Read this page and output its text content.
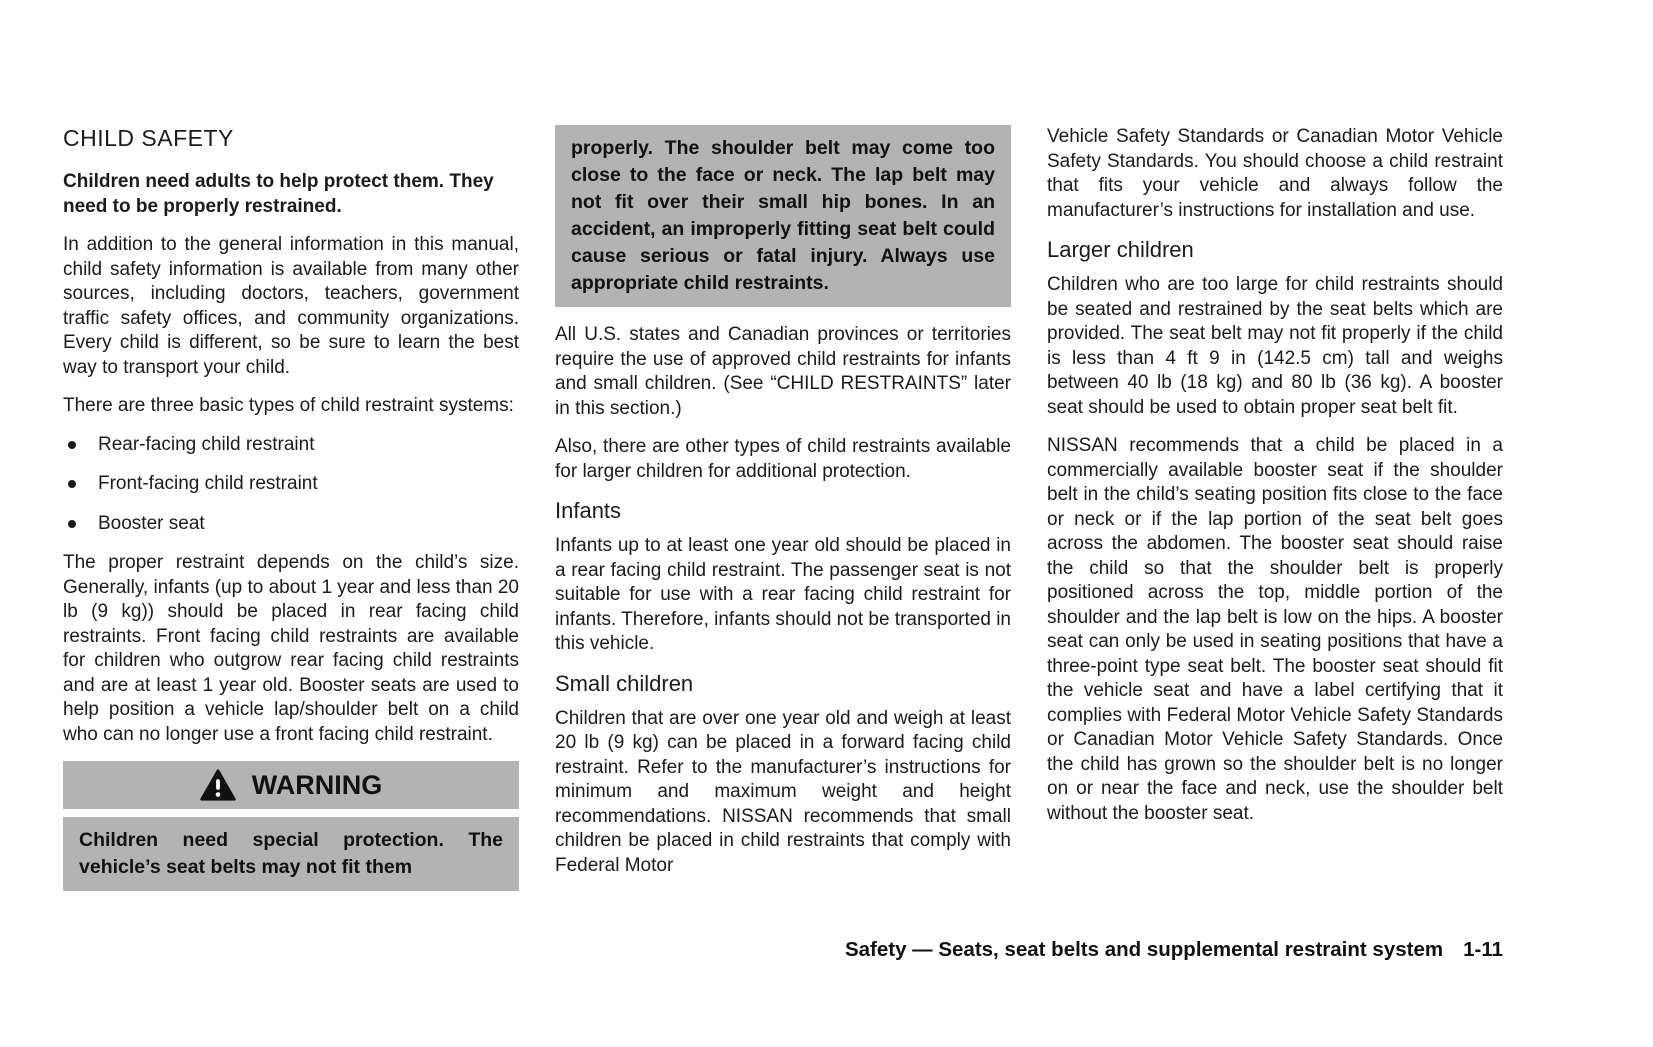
CHILD SAFETY

Children need adults to help protect them. They need to be properly restrained.

In addition to the general information in this manual, child safety information is available from many other sources, including doctors, teachers, government traffic safety offices, and community organizations. Every child is different, so be sure to learn the best way to transport your child.

There are three basic types of child restraint systems:

Rear-facing child restraint
Front-facing child restraint
Booster seat

The proper restraint depends on the child’s size. Generally, infants (up to about 1 year and less than 20 lb (9 kg)) should be placed in rear facing child restraints. Front facing child restraints are available for children who outgrow rear facing child restraints and are at least 1 year old. Booster seats are used to help position a vehicle lap/shoulder belt on a child who can no longer use a front facing child restraint.

WARNING
Children need special protection. The vehicle’s seat belts may not fit them
properly. The shoulder belt may come too close to the face or neck. The lap belt may not fit over their small hip bones. In an accident, an improperly fitting seat belt could cause serious or fatal injury. Always use appropriate child restraints.

All U.S. states and Canadian provinces or territories require the use of approved child restraints for infants and small children. (See “CHILD RESTRAINTS” later in this section.)

Also, there are other types of child restraints available for larger children for additional protection.

Infants

Infants up to at least one year old should be placed in a rear facing child restraint. The passenger seat is not suitable for use with a rear facing child restraint for infants. Therefore, infants should not be transported in this vehicle.

Small children

Children that are over one year old and weigh at least 20 lb (9 kg) can be placed in a forward facing child restraint. Refer to the manufacturer’s instructions for minimum and maximum weight and height recommendations. NISSAN recommends that small children be placed in child restraints that comply with Federal Motor

Vehicle Safety Standards or Canadian Motor Vehicle Safety Standards. You should choose a child restraint that fits your vehicle and always follow the manufacturer’s instructions for installation and use.

Larger children

Children who are too large for child restraints should be seated and restrained by the seat belts which are provided. The seat belt may not fit properly if the child is less than 4 ft 9 in (142.5 cm) tall and weighs between 40 lb (18 kg) and 80 lb (36 kg). A booster seat should be used to obtain proper seat belt fit.

NISSAN recommends that a child be placed in a commercially available booster seat if the shoulder belt in the child’s seating position fits close to the face or neck or if the lap portion of the seat belt goes across the abdomen. The booster seat should raise the child so that the shoulder belt is properly positioned across the top, middle portion of the shoulder and the lap belt is low on the hips. A booster seat can only be used in seating positions that have a three-point type seat belt. The booster seat should fit the vehicle seat and have a label certifying that it complies with Federal Motor Vehicle Safety Standards or Canadian Motor Vehicle Safety Standards. Once the child has grown so the shoulder belt is no longer on or near the face and neck, use the shoulder belt without the booster seat.

Safety — Seats, seat belts and supplemental restraint system 1-11
